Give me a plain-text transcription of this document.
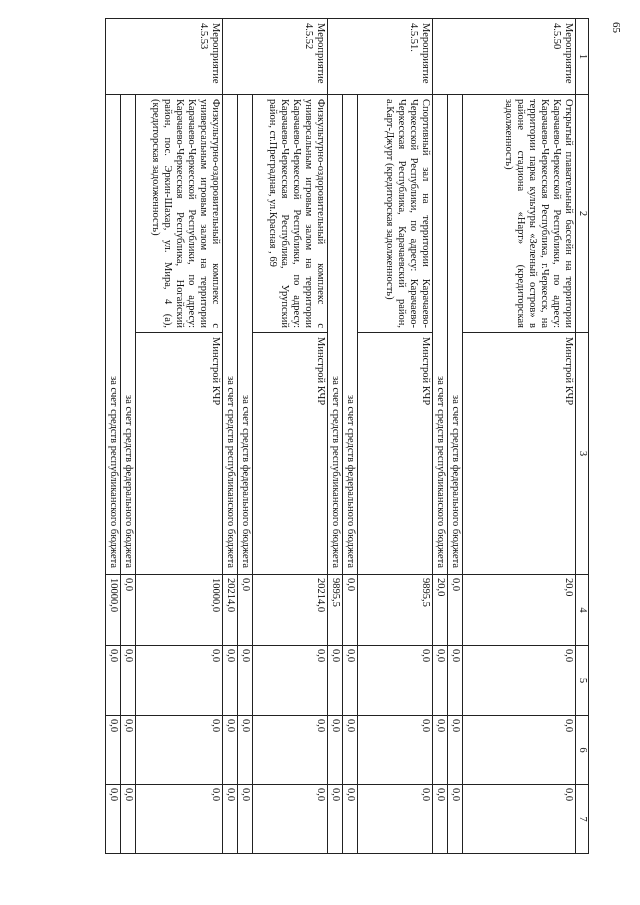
65
1	2	3	4	5	6	7
Мероприятие 4.5.50	Открытый плавательный бассейн на территории Карачаево-Черкесской Республики, по адресу: Карачаево-Черкесская Республика, г.Черкесск, на территории парка культуры «Зеленый остров» в районе стадиона «Нарт» (кредиторская задолженность)	Минстрой КЧР	20,0	0,0	0,0	0,0
	за счет средств федерального бюджета		0,0	0,0	0,0	0,0
	за счет средств республиканского бюджета		20,0	0,0	0,0	0,0
Мероприятие 4.5.51.	Спортивный зал на территории Карачаево-Черкесской Республики, по адресу: Карачаево-Черкесская Республика, Карачаевский район, а.Карт-Джурт (кредиторская задолженность)	Минстрой КЧР	9895,5	0,0	0,0	0,0
	за счет средств федерального бюджета		0,0	0,0	0,0	0,0
	за счет средств республиканского бюджета		9895,5	0,0	0,0	0,0
Мероприятие 4.5.52	Физкультурно-оздоровительный комплекс с универсальным игровым залом на территории Карачаево-Черкесской Республики, по адресу: Карачаево-Черкесская Республика, Урупский район, ст.Преградная, ул.Красная , 69	Минстрой КЧР	20214,0	0,0	0,0	0,0
	за счет средств федерального бюджета		0,0	0,0	0,0	0,0
	за счет средств республиканского бюджета		20214,0	0,0	0,0	0,0
Мероприятие 4.5.53	Физкультурно-оздоровительный комплекс с универсальным игровым залом на территории Карачаево-Черкесской Республики, по адресу: Карачаево-Черкесская Республика, Ногайский район, пос. Эркин-Шахар, ул. Мира, 4 (а), (кредиторская задолженность)	Минстрой КЧР	10000,0	0,0	0,0	0,0
	за счет средств федерального бюджета		0,0	0,0	0,0	0,0
	за счет средств республиканского бюджета		10000,0	0,0	0,0	0,0
